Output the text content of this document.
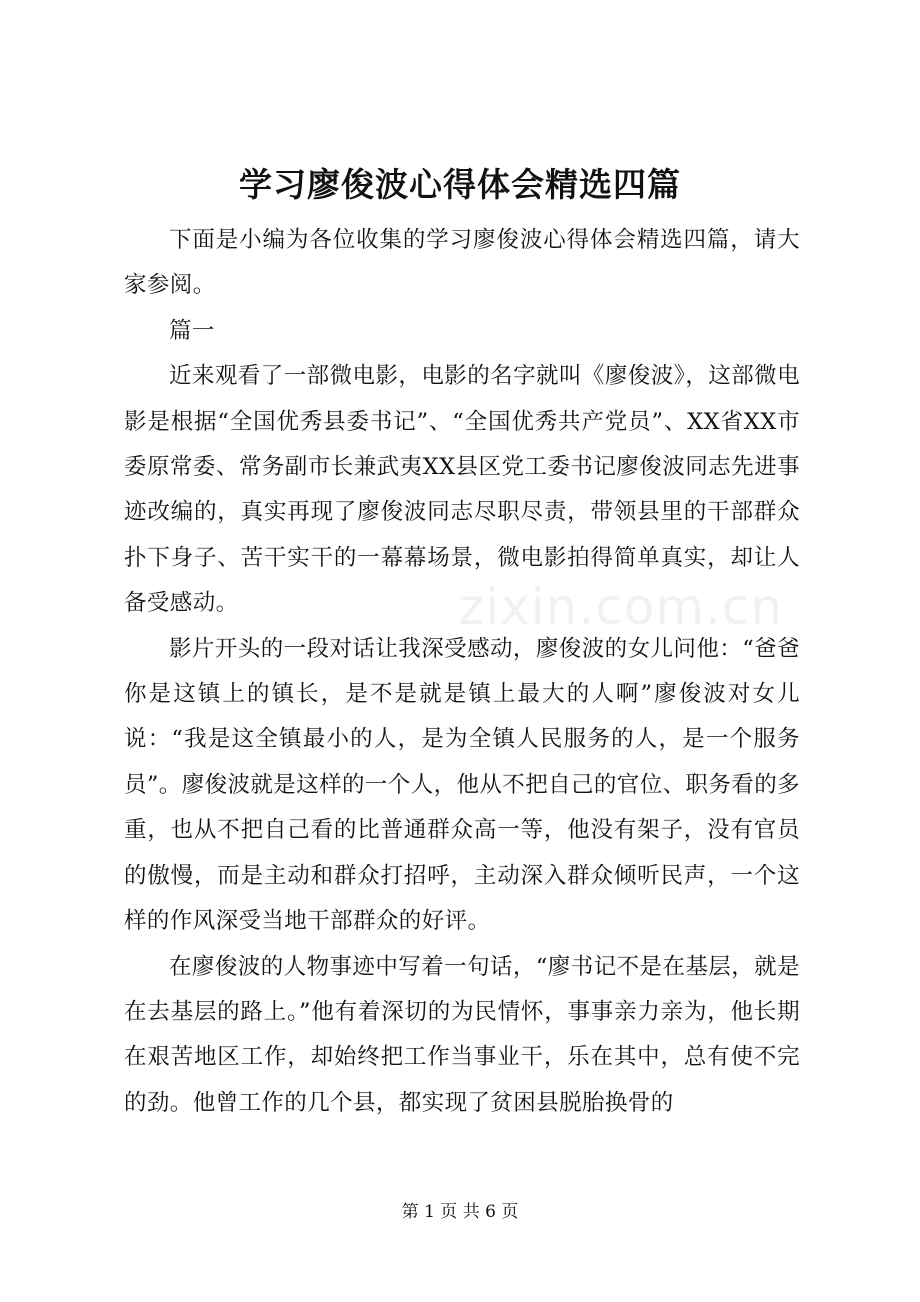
学习廖俊波心得体会精选四篇

下面是小编为各位收集的学习廖俊波心得体会精选四篇，请大家参阅。

篇一

近来观看了一部微电影，电影的名字就叫《廖俊波》，这部微电影是根据“全国优秀县委书记”、“全国优秀共产党员”、XX省XX市委原常委、常务副市长兼武夷XX县区党工委书记廖俊波同志先进事迹改编的，真实再现了廖俊波同志尽职尽责，带领县里的干部群众扑下身子、苦干实干的一幕幕场景，微电影拍得简单真实，却让人备受感动。

影片开头的一段对话让我深受感动，廖俊波的女儿问他：“爸爸你是这镇上的镇长，是不是就是镇上最大的人啊”廖俊波对女儿说：“我是这全镇最小的人，是为全镇人民服务的人，是一个服务员”。廖俊波就是这样的一个人，他从不把自己的官位、职务看的多重，也从不把自己看的比普通群众高一等，他没有架子，没有官员的傲慢，而是主动和群众打招呼，主动深入群众倾听民声，一个这样的作风深受当地干部群众的好评。

在廖俊波的人物事迹中写着一句话，“廖书记不是在基层，就是在去基层的路上。”他有着深切的为民情怀，事事亲力亲为，他长期在艰苦地区工作，却始终把工作当事业干，乐在其中，总有使不完的劲。他曾工作的几个县，都实现了贫困县脱胎换骨的

zixin.com.cn
第 1 页 共 6 页
